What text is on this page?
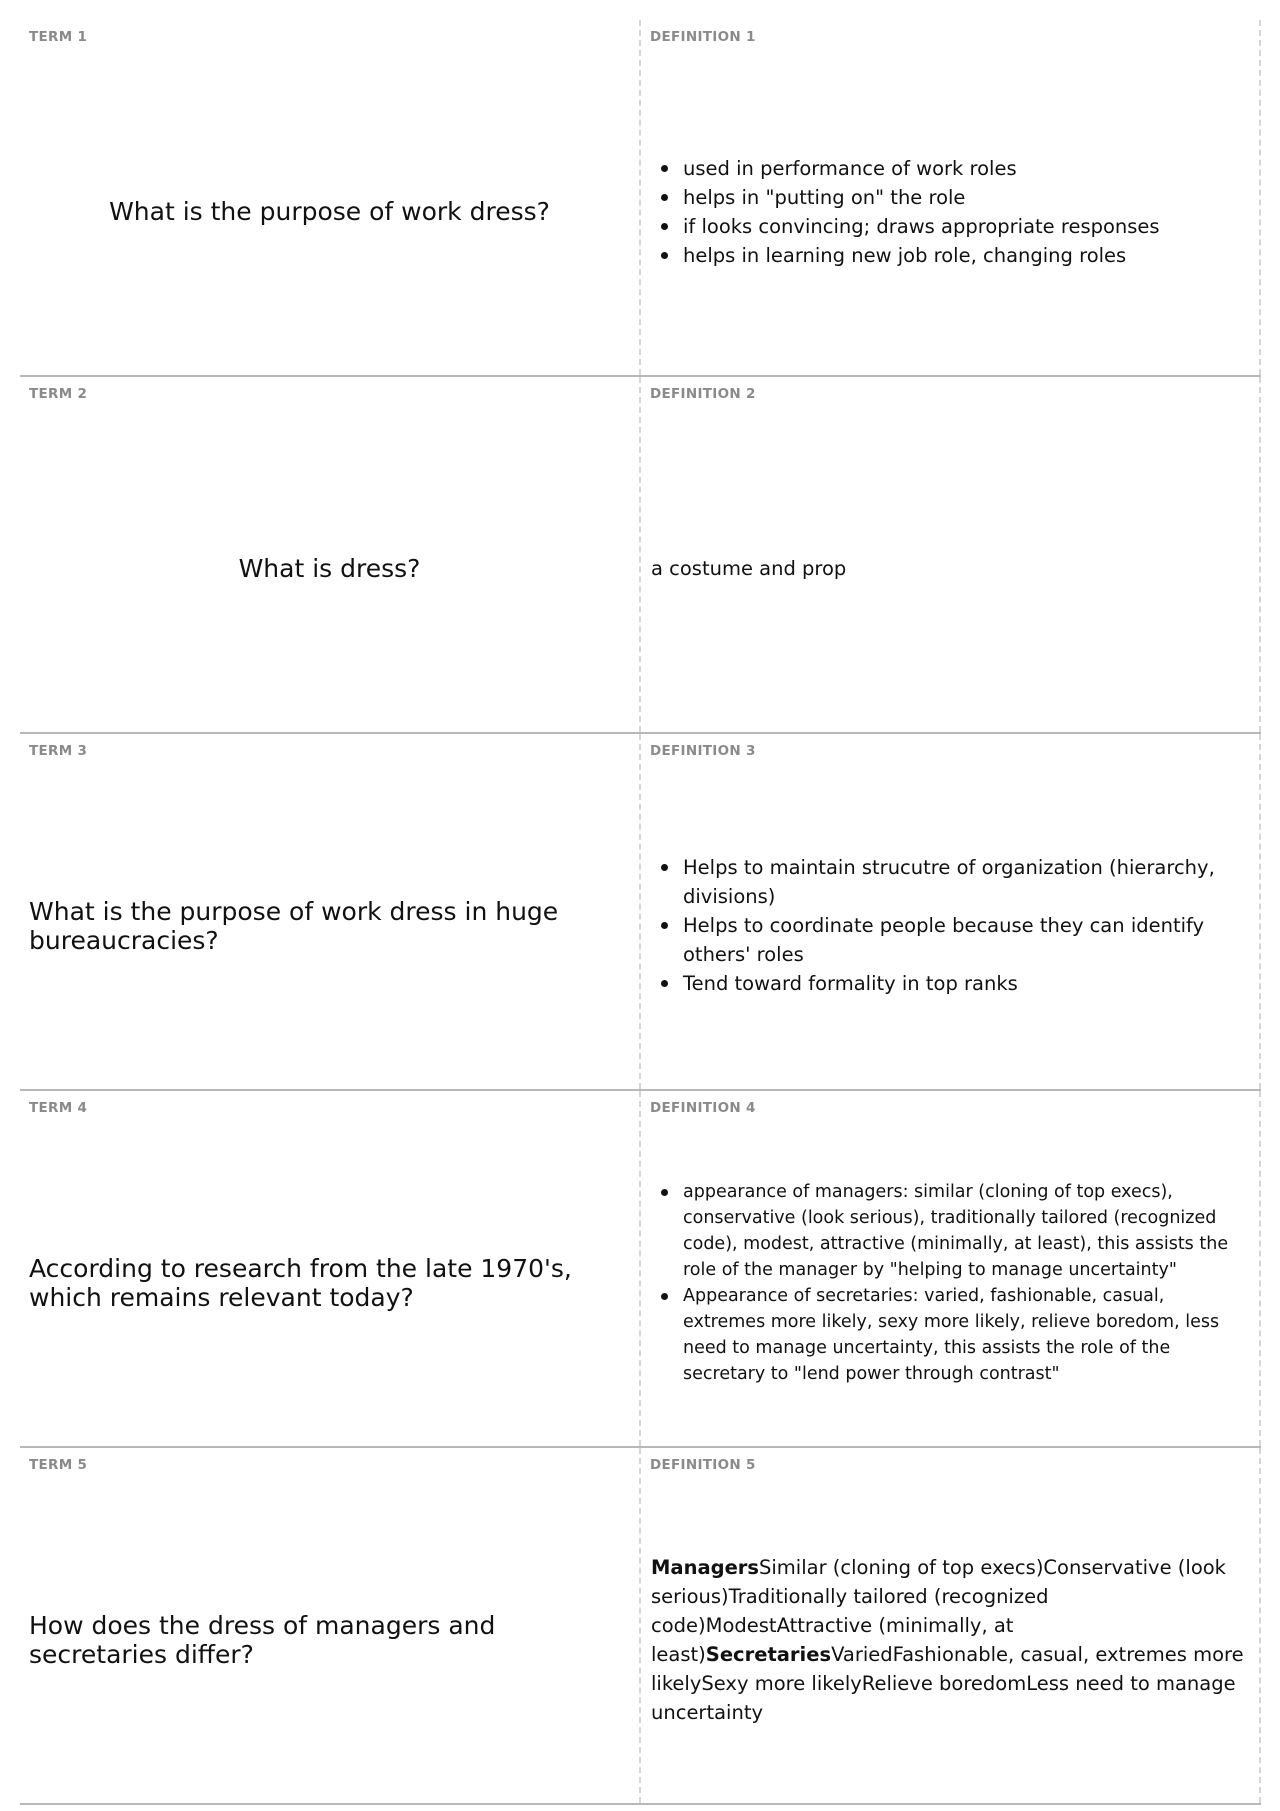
TERM 1
What is the purpose of work dress?
DEFINITION 1
used in performance of work roles
helps in "putting on" the role
if looks convincing; draws appropriate responses
helps in learning new job role, changing roles
TERM 2
What is dress?
DEFINITION 2
a costume and prop
TERM 3
What is the purpose of work dress in huge bureaucracies?
DEFINITION 3
Helps to maintain strucutre of organization (hierarchy, divisions)
Helps to coordinate people because they can identify others' roles
Tend toward formality in top ranks
TERM 4
According to research from the late 1970's, which remains relevant today?
DEFINITION 4
appearance of managers: similar (cloning of top execs), conservative (look serious), traditionally tailored (recognized code), modest, attractive (minimally, at least), this assists the role of the manager by "helping to manage uncertainty"
Appearance of secretaries: varied, fashionable, casual, extremes more likely, sexy more likely, relieve boredom, less need to manage uncertainty, this assists the role of the secretary to "lend power through contrast"
TERM 5
How does the dress of managers and secretaries differ?
DEFINITION 5
ManagersSimilar (cloning of top execs)Conservative (look serious)Traditionally tailored (recognized code)ModestAttractive (minimally, at least)SecretariesVariedFashionable, casual, extremes more likelySexy more likelyRelieve boredomLess need to manage uncertainty
